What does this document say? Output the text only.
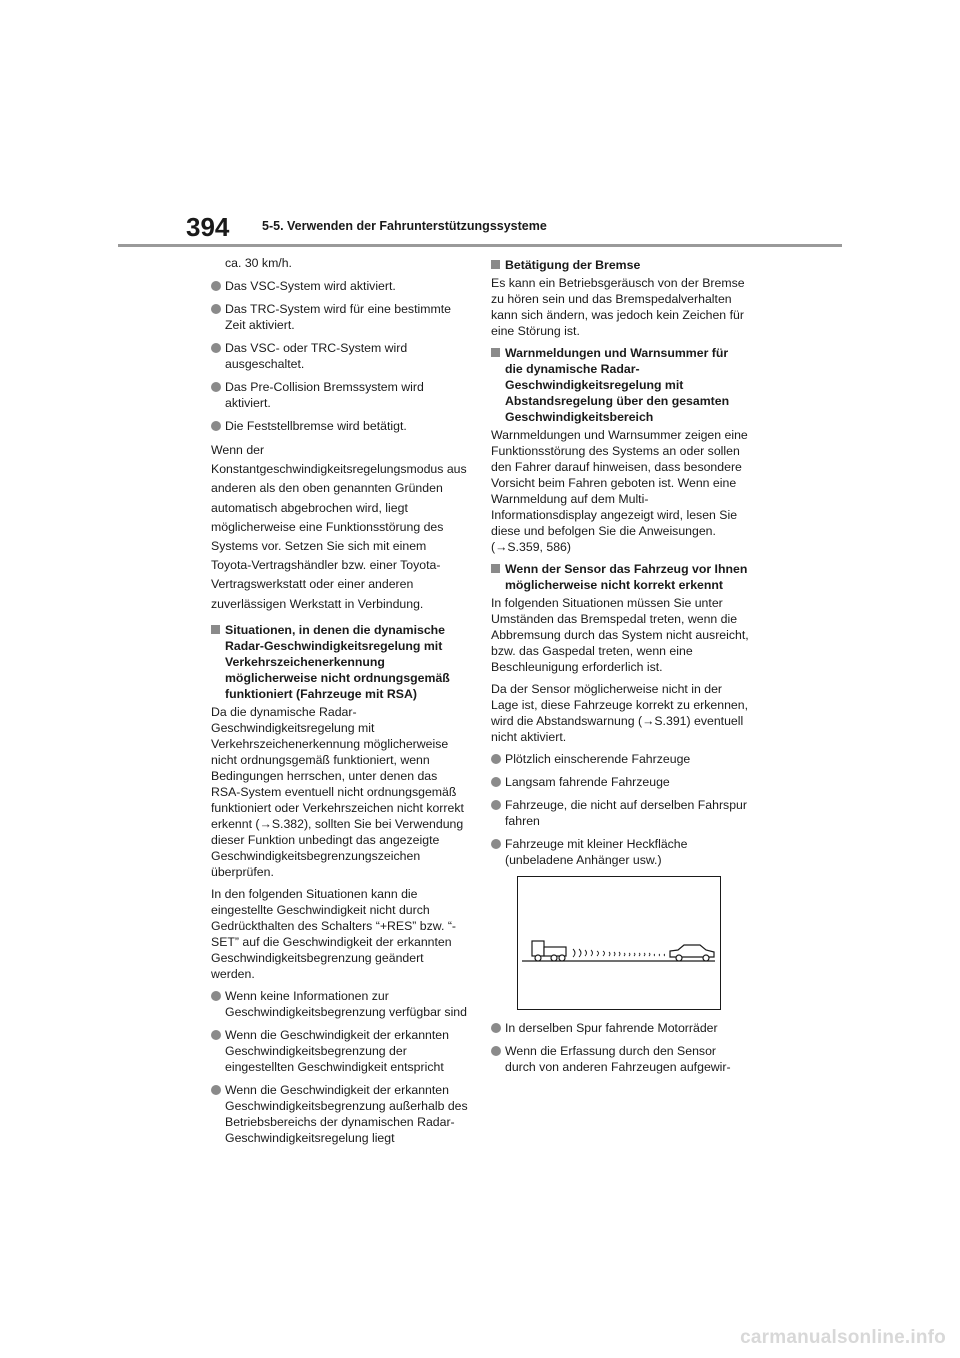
394	5-5. Verwenden der Fahrunterstützungssysteme

ca. 30 km/h.

Das VSC-System wird aktiviert.
Das TRC-System wird für eine bestimmte Zeit aktiviert.
Das VSC- oder TRC-System wird ausgeschaltet.
Das Pre-Collision Bremssystem wird aktiviert.
Die Feststellbremse wird betätigt.

Wenn der Konstantgeschwindigkeitsregelungsmodus aus anderen als den oben genannten Gründen automatisch abgebrochen wird, liegt möglicherweise eine Funktionsstörung des Systems vor. Setzen Sie sich mit einem Toyota-Vertragshändler bzw. einer Toyota-Vertragswerkstatt oder einer anderen zuverlässigen Werkstatt in Verbindung.

Situationen, in denen die dynamische Radar-Geschwindigkeitsregelung mit Verkehrszeichenerkennung möglicherweise nicht ordnungsgemäß funktioniert (Fahrzeuge mit RSA)

Da die dynamische Radar-Geschwindigkeitsregelung mit Verkehrszeichenerkennung möglicherweise nicht ordnungsgemäß funktioniert, wenn Bedingungen herrschen, unter denen das RSA-System eventuell nicht ordnungsgemäß funktioniert oder Verkehrszeichen nicht korrekt erkennt (→S.382), sollten Sie bei Verwendung dieser Funktion unbedingt das angezeigte Geschwindigkeitsbegrenzungszeichen überprüfen.

In den folgenden Situationen kann die eingestellte Geschwindigkeit nicht durch Gedrückthalten des Schalters “+RES” bzw. “-SET” auf die Geschwindigkeit der erkannten Geschwindigkeitsbegrenzung geändert werden.

Wenn keine Informationen zur Geschwindigkeitsbegrenzung verfügbar sind
Wenn die Geschwindigkeit der erkannten Geschwindigkeitsbegrenzung der eingestellten Geschwindigkeit entspricht
Wenn die Geschwindigkeit der erkannten Geschwindigkeitsbegrenzung außerhalb des Betriebsbereichs der dynamischen Radar-Geschwindigkeitsregelung liegt
Betätigung der Bremse

Es kann ein Betriebsgeräusch von der Bremse zu hören sein und das Bremspedalverhalten kann sich ändern, was jedoch kein Zeichen für eine Störung ist.

Warnmeldungen und Warnsummer für die dynamische Radar-Geschwindigkeitsregelung mit Abstandsregelung über den gesamten Geschwindigkeitsbereich

Warnmeldungen und Warnsummer zeigen eine Funktionsstörung des Systems an oder sollen den Fahrer darauf hinweisen, dass besondere Vorsicht beim Fahren geboten ist. Wenn eine Warnmeldung auf dem Multi-Informationsdisplay angezeigt wird, lesen Sie diese und befolgen Sie die Anweisungen. (→S.359, 586)

Wenn der Sensor das Fahrzeug vor Ihnen möglicherweise nicht korrekt erkennt

In folgenden Situationen müssen Sie unter Umständen das Bremspedal treten, wenn die Abbremsung durch das System nicht ausreicht, bzw. das Gaspedal treten, wenn eine Beschleunigung erforderlich ist.

Da der Sensor möglicherweise nicht in der Lage ist, diese Fahrzeuge korrekt zu erkennen, wird die Abstandswarnung (→S.391) eventuell nicht aktiviert.

Plötzlich einscherende Fahrzeuge
Langsam fahrende Fahrzeuge
Fahrzeuge, die nicht auf derselben Fahrspur fahren
Fahrzeuge mit kleiner Heckfläche (unbeladene Anhänger usw.)
In derselben Spur fahrende Motorräder
Wenn die Erfassung durch den Sensor durch von anderen Fahrzeugen aufgewir-
carmanualsonline.info
